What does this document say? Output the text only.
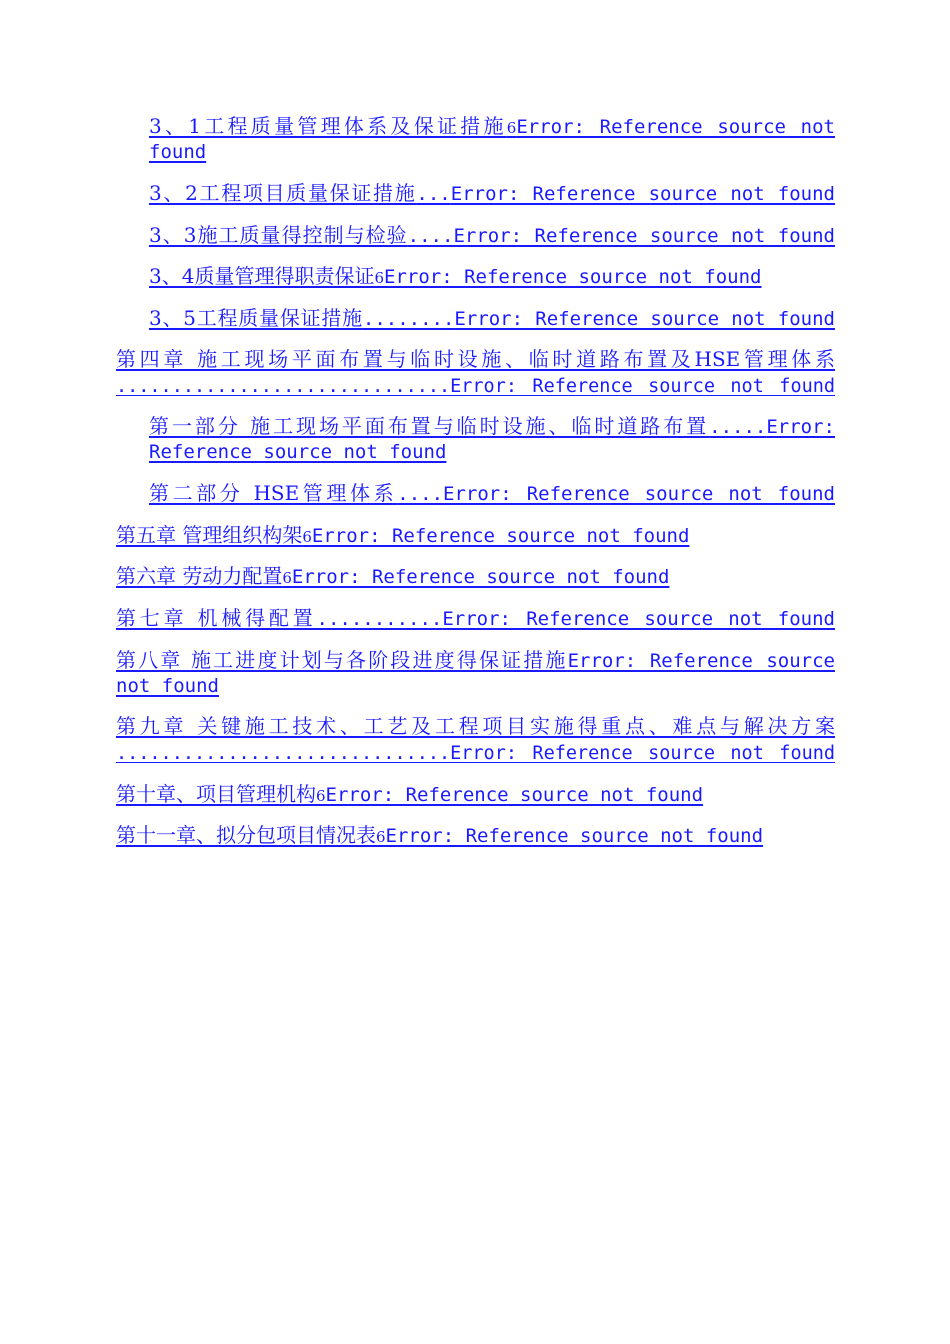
3、1工程质量管理体系及保证措施6Error: Reference source not
found
3、2工程项目质量保证措施...Error: Reference source not found
3、3施工质量得控制与检验....Error: Reference source not found
3、4质量管理得职责保证6Error: Reference source not found
3、5工程质量保证措施........Error: Reference source not found
第四章 施工现场平面布置与临时设施、临时道路布置及HSE管理体系
..............................Error: Reference source not found
第一部分 施工现场平面布置与临时设施、临时道路布置.....Error:
Reference source not found
第二部分 HSE管理体系....Error: Reference source not found
第五章 管理组织构架6Error: Reference source not found
第六章 劳动力配置6Error: Reference source not found
第七章 机械得配置...........Error: Reference source not found
第八章 施工进度计划与各阶段进度得保证措施Error: Reference source
not found
第九章 关键施工技术、工艺及工程项目实施得重点、难点与解决方案
..............................Error: Reference source not found
第十章、项目管理机构6Error: Reference source not found
第十一章、拟分包项目情况表6Error: Reference source not found
